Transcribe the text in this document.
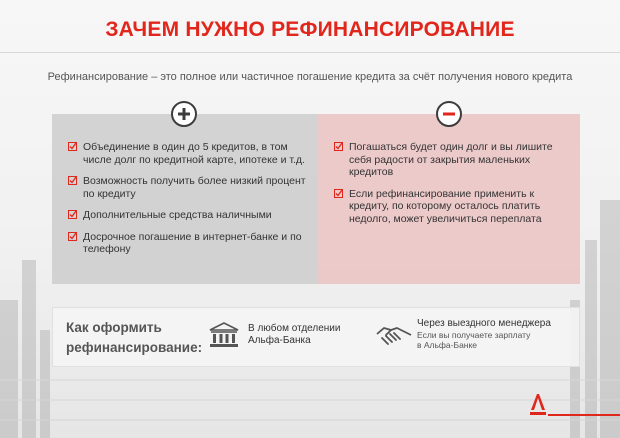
ЗАЧЕМ НУЖНО РЕФИНАНСИРОВАНИЕ
Рефинансирование – это полное или частичное погашение кредита за счёт получения нового кредита
Объединение в один до 5 кредитов, в том числе долг по кредитной карте, ипотеке и т.д.
Возможность получить более низкий процент по кредиту
Дополнительные средства наличными
Досрочное погашение в интернет-банке и по телефону
Погашаться будет один долг и вы лишите себя радости от закрытия маленьких кредитов
Если рефинансирование применить к кредиту, по которому осталось платить недолго, может увеличиться переплата
Как оформить рефинансирование:
В любом отделении Альфа-Банка
Через выездного менеджера
Если вы получаете зарплату в Альфа-Банке
